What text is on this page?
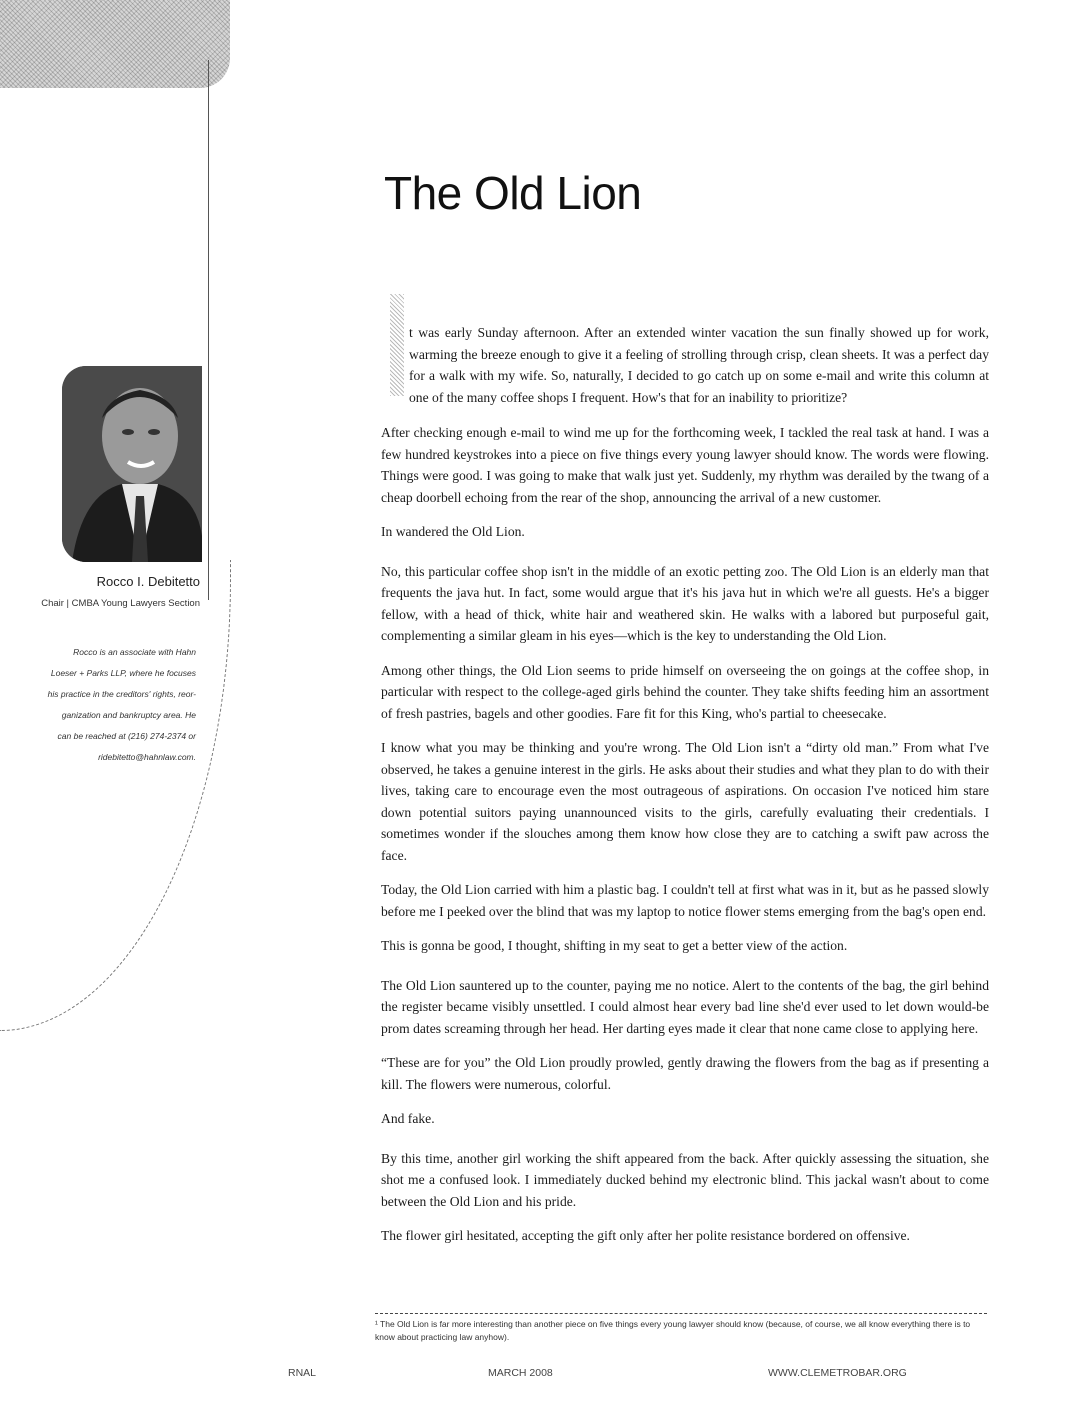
Rocco I. Debitetto

Chair | CMBA Young Lawyers Section

Rocco is an associate with Hahn
Loeser + Parks LLP, where he focuses
his practice in the creditors' rights, reor-
ganization and bankruptcy area. He
can be reached at (216) 274-2374 or
ridebitetto@hahnlaw.com.

The Old Lion

t was early Sunday afternoon. After an extended winter vacation the sun finally showed up for work, warming the breeze enough to give it a feeling of strolling through crisp, clean sheets. It was a perfect day for a walk with my wife. So, naturally, I decided to go catch up on some e-mail and write this column at one of the many coffee shops I frequent. How's that for an inability to prioritize?

After checking enough e-mail to wind me up for the forthcoming week, I tackled the real task at hand. I was a few hundred keystrokes into a piece on five things every young lawyer should know. The words were flowing. Things were good. I was going to make that walk just yet. Suddenly, my rhythm was derailed by the twang of a cheap doorbell echoing from the rear of the shop, announcing the arrival of a new customer.

In wandered the Old Lion.

No, this particular coffee shop isn't in the middle of an exotic petting zoo. The Old Lion is an elderly man that frequents the java hut. In fact, some would argue that it's his java hut in which we're all guests. He's a bigger fellow, with a head of thick, white hair and weathered skin. He walks with a labored but purposeful gait, complementing a similar gleam in his eyes—which is the key to understanding the Old Lion.

Among other things, the Old Lion seems to pride himself on overseeing the on goings at the coffee shop, in particular with respect to the college-aged girls behind the counter. They take shifts feeding him an assortment of fresh pastries, bagels and other goodies. Fare fit for this King, who's partial to cheesecake.

I know what you may be thinking and you're wrong. The Old Lion isn't a “dirty old man.” From what I've observed, he takes a genuine interest in the girls. He asks about their studies and what they plan to do with their lives, taking care to encourage even the most outrageous of aspirations. On occasion I've noticed him stare down potential suitors paying unannounced visits to the girls, carefully evaluating their credentials. I sometimes wonder if the slouches among them know how close they are to catching a swift paw across the face.

Today, the Old Lion carried with him a plastic bag. I couldn't tell at first what was in it, but as he passed slowly before me I peeked over the blind that was my laptop to notice flower stems emerging from the bag's open end.

This is gonna be good, I thought, shifting in my seat to get a better view of the action.

The Old Lion sauntered up to the counter, paying me no notice. Alert to the contents of the bag, the girl behind the register became visibly unsettled. I could almost hear every bad line she'd ever used to let down would-be prom dates screaming through her head. Her darting eyes made it clear that none came close to applying here.

“These are for you” the Old Lion proudly prowled, gently drawing the flowers from the bag as if presenting a kill. The flowers were numerous, colorful.

And fake.

By this time, another girl working the shift appeared from the back. After quickly assessing the situation, she shot me a confused look. I immediately ducked behind my electronic blind. This jackal wasn't about to come between the Old Lion and his pride.

The flower girl hesitated, accepting the gift only after her polite resistance bordered on offensive.

¹ The Old Lion is far more interesting than another piece on five things every young lawyer should know (because, of course, we all know everything there is to know about practicing law anyhow).

RNAL	MARCH 2008	WWW.CLEMETROBAR.ORG
